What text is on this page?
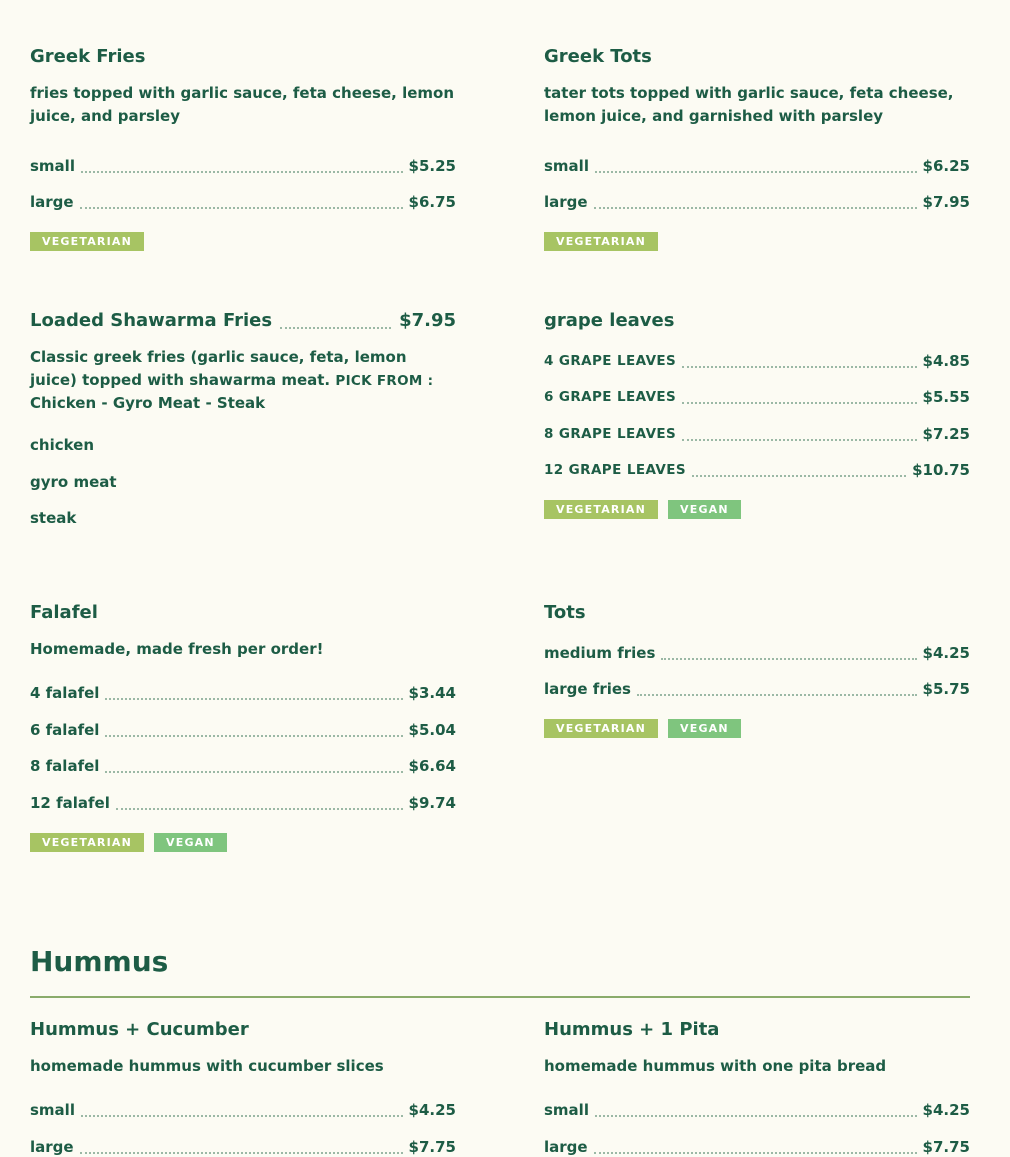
Greek Fries

fries topped with garlic sauce, feta cheese, lemon juice, and parsley

small	$5.25
large	$6.75
VEGETARIAN
Greek Tots

tater tots topped with garlic sauce, feta cheese, lemon juice, and garnished with parsley

small	$6.25
large	$7.95
VEGETARIAN
Loaded Shawarma Fries	$7.95

Classic greek fries (garlic sauce, feta, lemon juice) topped with shawarma meat. PICK FROM : Chicken - Gyro Meat - Steak

chicken
gyro meat
steak
grape leaves
4 GRAPE LEAVES	$4.85
6 GRAPE LEAVES	$5.55
8 GRAPE LEAVES	$7.25
12 GRAPE LEAVES	$10.75
VEGETARIAN	VEGAN
Falafel

Homemade, made fresh per order!

4 falafel	$3.44
6 falafel	$5.04
8 falafel	$6.64
12 falafel	$9.74
VEGETARIAN	VEGAN
Tots
medium fries	$4.25
large fries	$5.75
VEGETARIAN	VEGAN
Hummus
Hummus + Cucumber

homemade hummus with cucumber slices

small	$4.25
large	$7.75
Hummus + 1 Pita

homemade hummus with one pita bread

small	$4.25
large	$7.75
